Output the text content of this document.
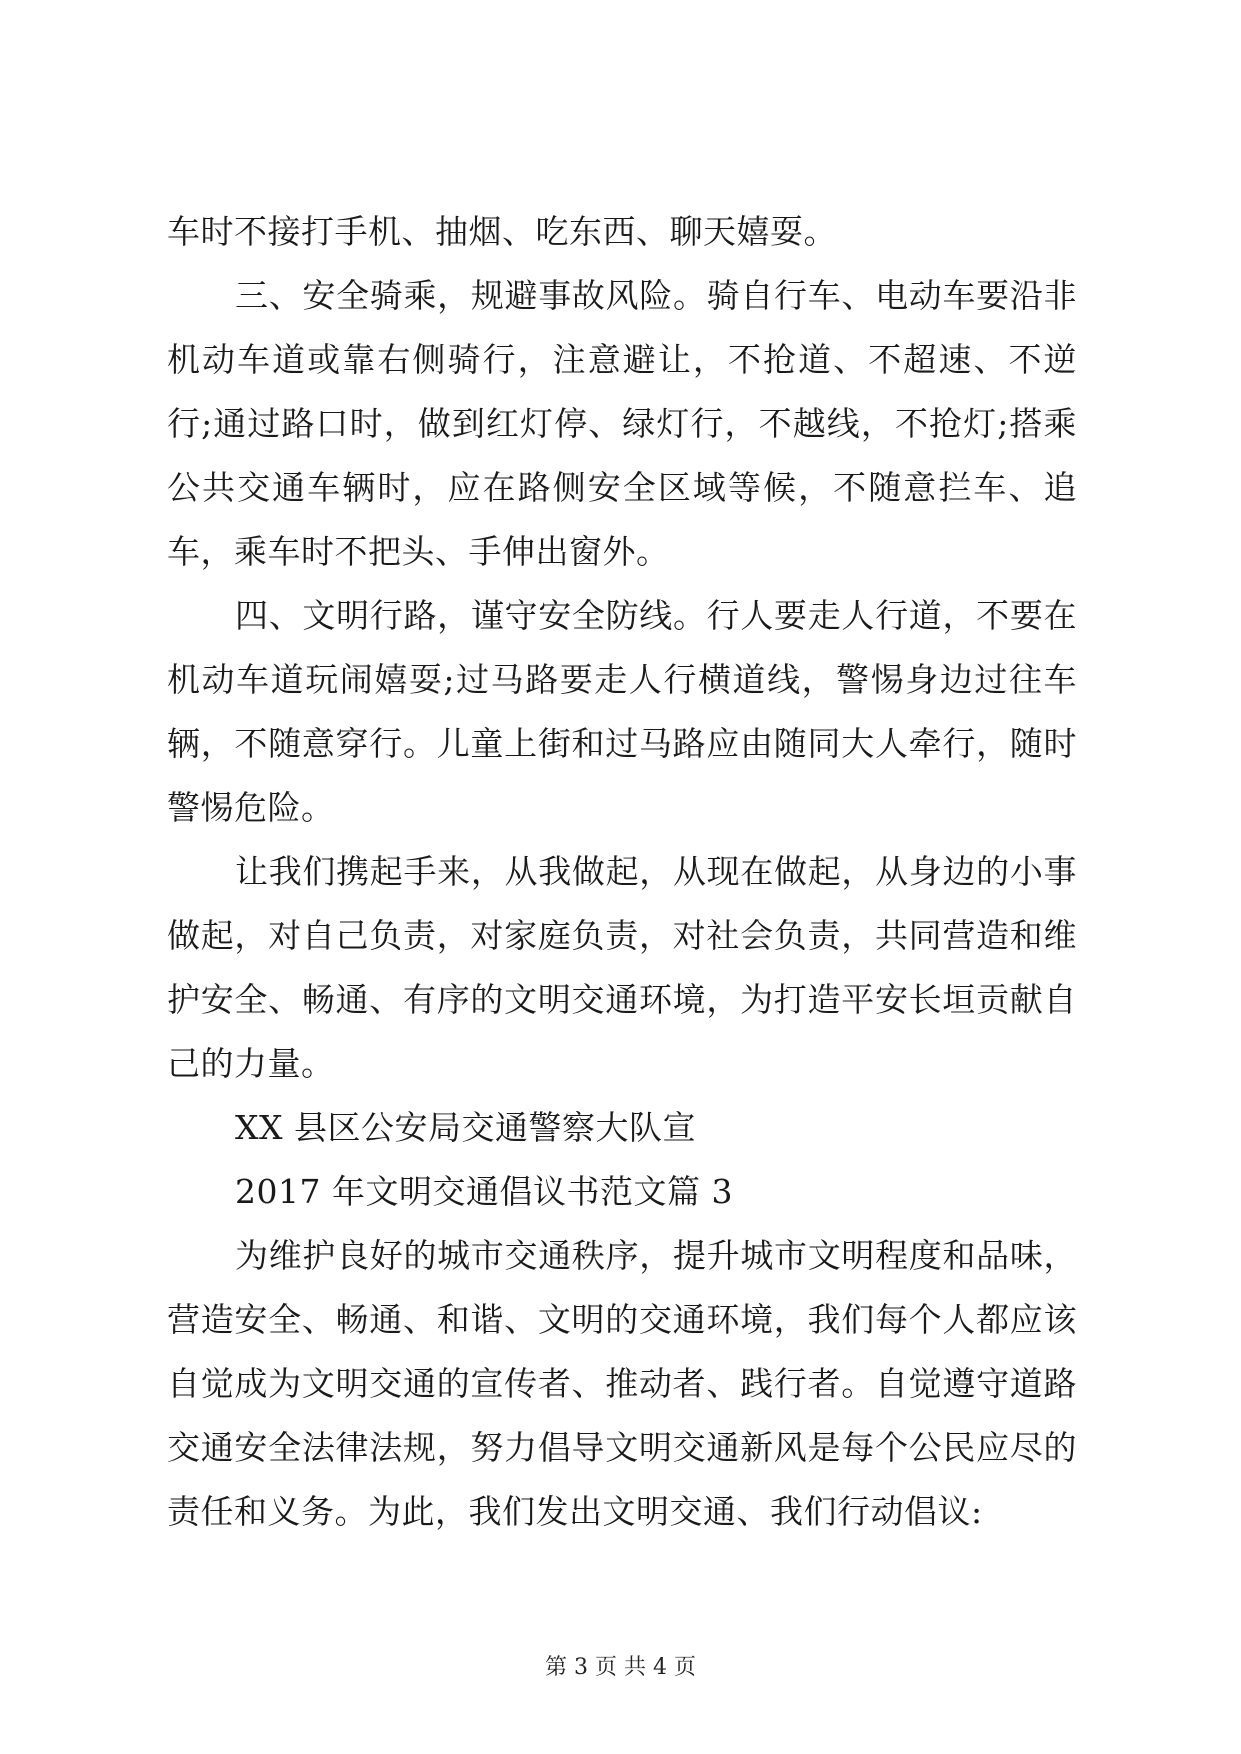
车时不接打手机、抽烟、吃东西、聊天嬉耍。

三、安全骑乘，规避事故风险。骑自行车、电动车要沿非机动车道或靠右侧骑行，注意避让，不抢道、不超速、不逆行;通过路口时，做到红灯停、绿灯行，不越线，不抢灯;搭乘公共交通车辆时，应在路侧安全区域等候，不随意拦车、追车，乘车时不把头、手伸出窗外。

四、文明行路，谨守安全防线。行人要走人行道，不要在机动车道玩闹嬉耍;过马路要走人行横道线，警惕身边过往车辆，不随意穿行。儿童上街和过马路应由随同大人牵行，随时警惕危险。

让我们携起手来，从我做起，从现在做起，从身边的小事做起，对自己负责，对家庭负责，对社会负责，共同营造和维护安全、畅通、有序的文明交通环境，为打造平安长垣贡献自己的力量。

XX 县区公安局交通警察大队宣

2017 年文明交通倡议书范文篇 3

为维护良好的城市交通秩序，提升城市文明程度和品味，营造安全、畅通、和谐、文明的交通环境，我们每个人都应该自觉成为文明交通的宣传者、推动者、践行者。自觉遵守道路交通安全法律法规，努力倡导文明交通新风是每个公民应尽的责任和义务。为此，我们发出文明交通、我们行动倡议:

第 3 页 共 4 页
